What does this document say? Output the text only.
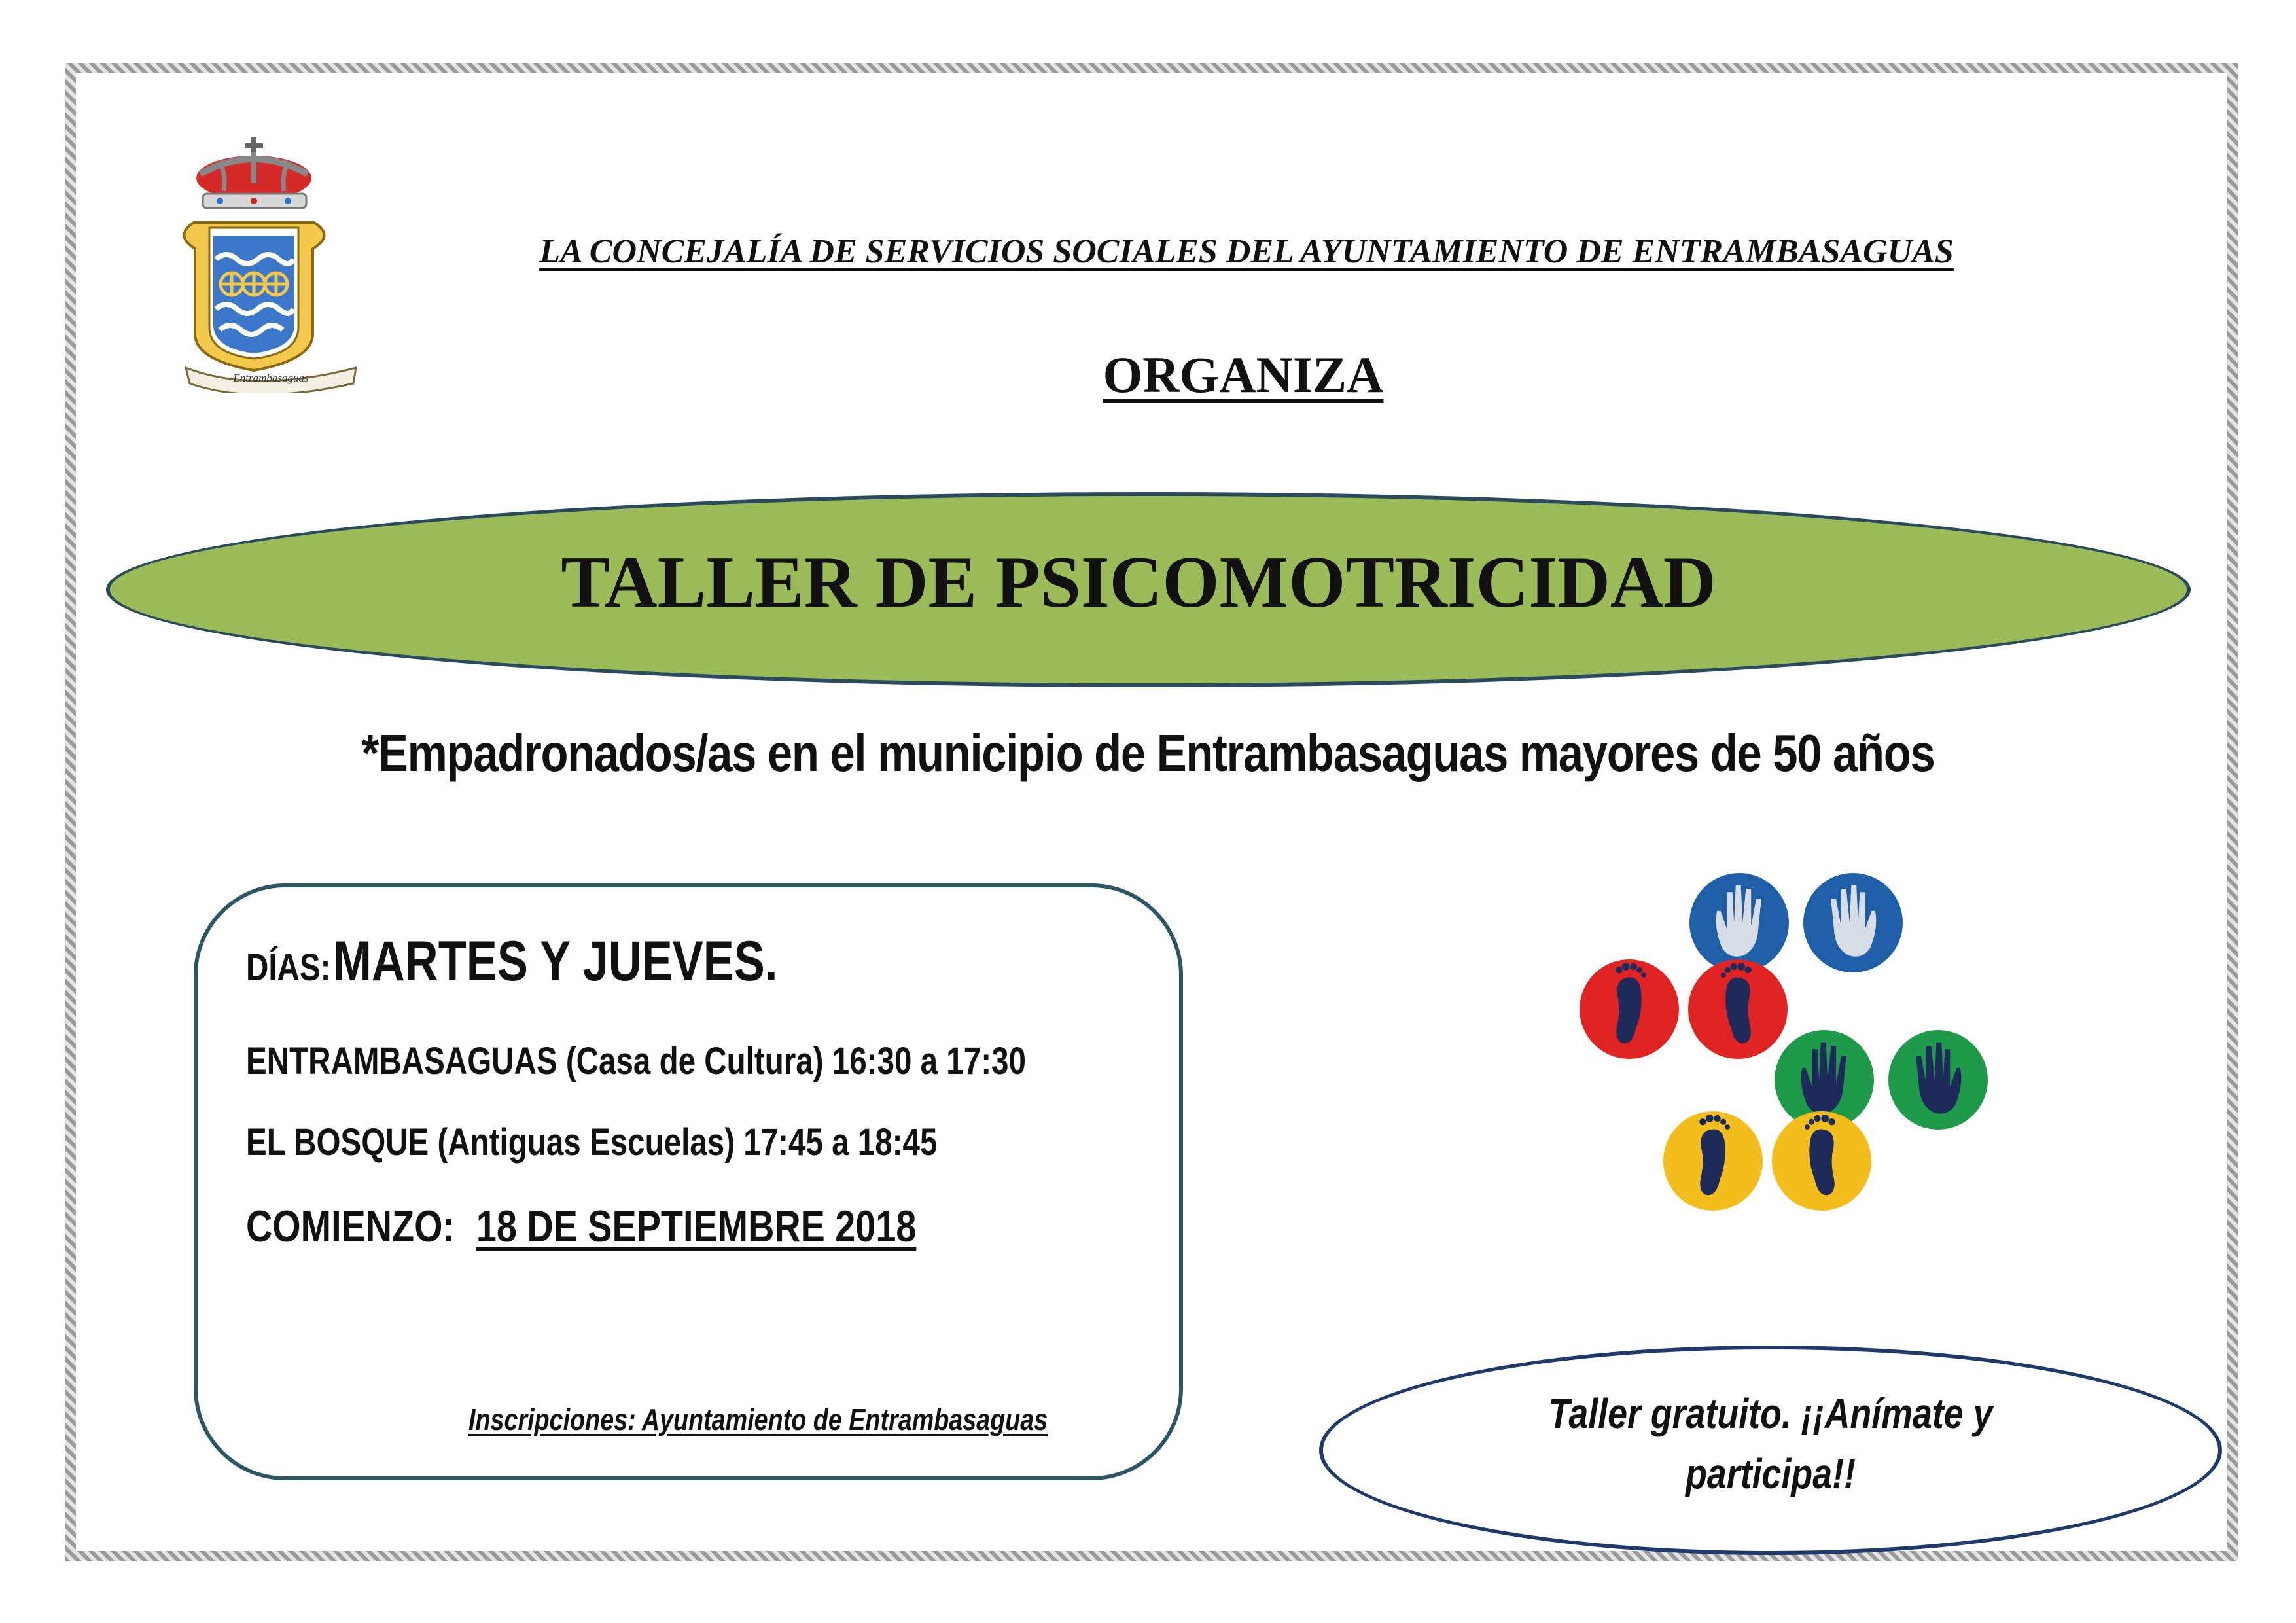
Entrambasaguas
LA CONCEJALÍA DE SERVICIOS SOCIALES DEL AYUNTAMIENTO DE ENTRAMBASAGUAS
ORGANIZA
TALLER DE PSICOMOTRICIDAD
*Empadronados/as en el municipio de Entrambasaguas mayores de 50 años
DÍAS: MARTES Y JUEVES.
ENTRAMBASAGUAS (Casa de Cultura) 16:30 a 17:30
EL BOSQUE (Antiguas Escuelas) 17:45 a 18:45
COMIENZO: 18 DE SEPTIEMBRE 2018
Inscripciones: Ayuntamiento de Entrambasaguas	Taller gratuito. ¡¡Anímate y participa!!
